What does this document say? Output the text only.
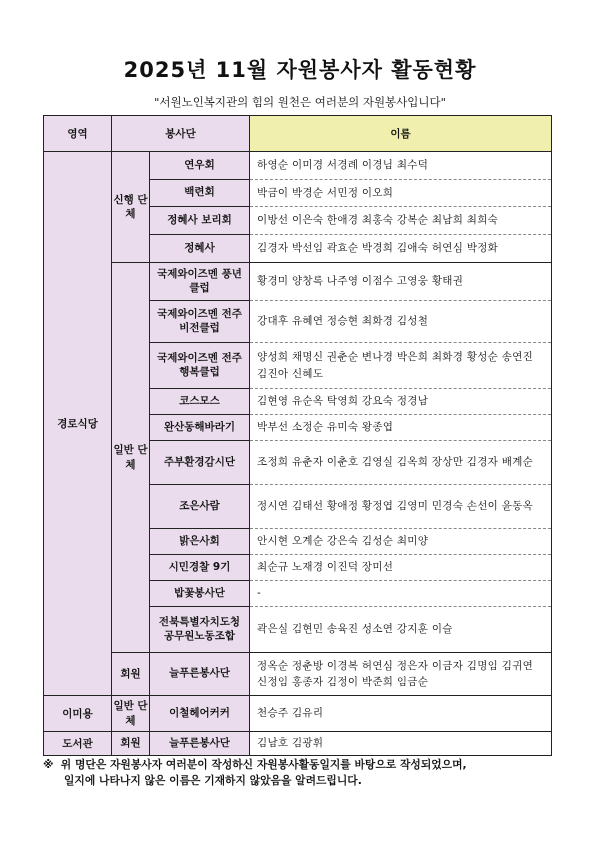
2025년 11월 자원봉사자 활동현황
"서원노인복지관의 힘의 원천은 여러분의 자원봉사입니다"
영역	봉사단		이름
경로식당	신행 단체	연우회	하영순 이미경 서경례 이경님 최수덕
		백련회	박금이 박경순 서민정 이오희
		정혜사 보리회	이방선 이은숙 한애경 최홍숙 강복순 최남희 최희숙
		정혜사	김경자 박선임 곽효순 박경희 김애숙 허연심 박정화
	일반 단체	국제와이즈멘 풍년클럽	황경미 양창록 나주영 이점수 고영웅 황태권
		국제와이즈멘 전주비전클럽	강대후 유혜연 정승현 최화경 김성철
		국제와이즈멘 전주행복클럽	양성희 채명신 권춘순 변나경 박은희 최화경 황성순 송연진 김진아 신혜도
		코스모스	김현영 유순옥 탁영희 강요숙 정경남
		완산동해바라기	박부선 소정순 유미숙 왕종엽
		주부환경감시단	조정희 유춘자 이춘호 김영실 김옥희 장상만 김경자 배계순
		조은사람	정시연 김태선 황애정 황정엽 김영미 민경숙 손선이 윤동옥
		밝은사회	안시현 오계순 강은숙 김성순 최미양
		시민경찰 9기	최순규 노재경 이진덕 장미선
		밥꽃봉사단	-
		전북특별자치도청 공무원노동조합	곽은실 김현민 송육진 성소연 강지훈 이슬
	회원	늘푸른봉사단	정옥순 정춘방 이경복 허연심 정은자 이금자 김명임 김귀연 신정임 홍종자 김정이 박준희 임금순
이미용	일반 단체	이철헤어커커	천승주 김유리
도서관	회원	늘푸른봉사단	김남호 김광휘
※ 위 명단은 자원봉사자 여러분이 작성하신 자원봉사활동일지를 바탕으로 작성되었으며,
일지에 나타나지 않은 이름은 기재하지 않았음을 알려드립니다.
